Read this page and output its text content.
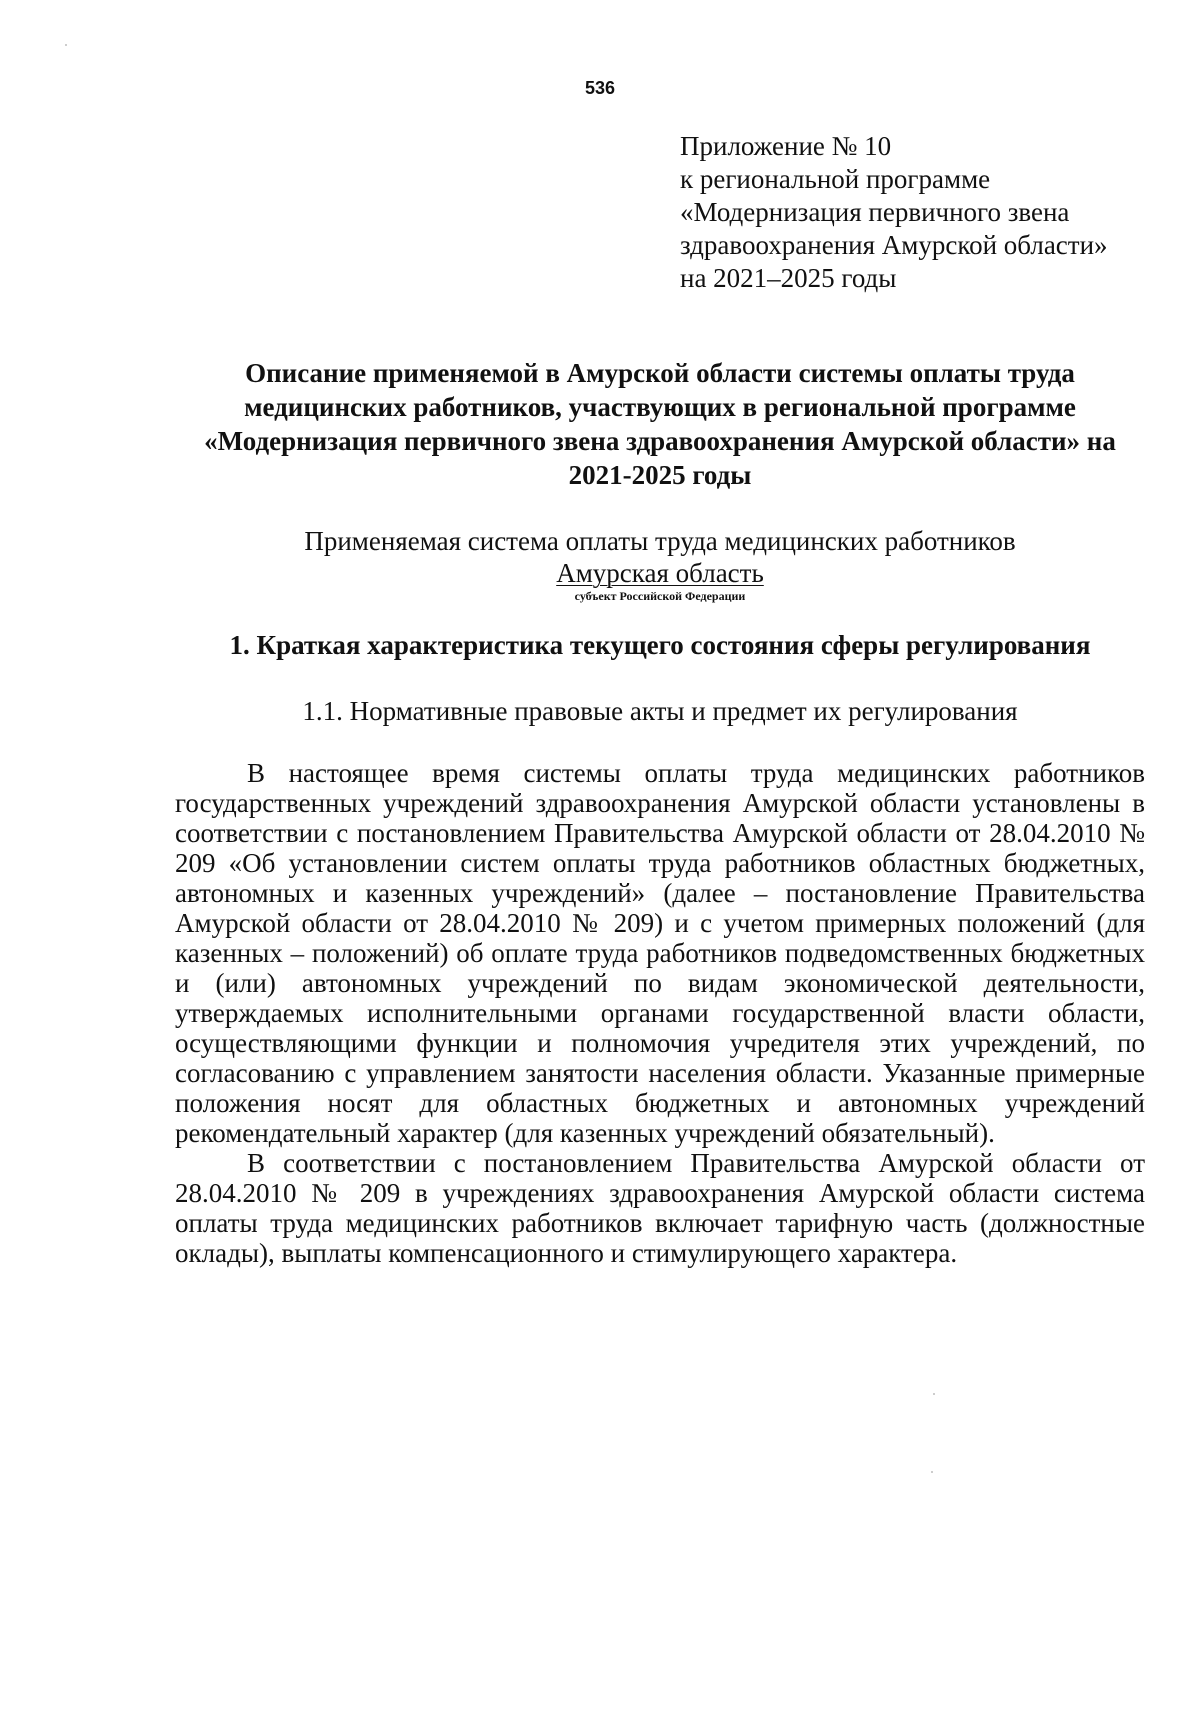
536
Приложение № 10
к региональной программе
«Модернизация первичного звена
здравоохранения Амурской области»
на 2021–2025 годы
Описание применяемой в Амурской области системы оплаты труда
медицинских работников, участвующих в региональной программе
«Модернизация первичного звена здравоохранения Амурской области» на
2021-2025 годы
Применяемая система оплаты труда медицинских работников
Амурская область
субъект Российской Федерации
1. Краткая характеристика текущего состояния сферы регулирования
1.1. Нормативные правовые акты и предмет их регулирования

В настоящее время системы оплаты труда медицинских работников государственных учреждений здравоохранения Амурской области установлены в соответствии с постановлением Правительства Амурской области от 28.04.2010 № 209 «Об установлении систем оплаты труда работников областных бюджетных, автономных и казенных учреждений» (далее – постановление Правительства Амурской области от 28.04.2010 № 209) и с учетом примерных положений (для казенных – положений) об оплате труда работников подведомственных бюджетных и (или) автономных учреждений по видам экономической деятельности, утверждаемых исполнительными органами государственной власти области, осуществляющими функции и полномочия учредителя этих учреждений, по согласованию с управлением занятости населения области. Указанные примерные положения носят для областных бюджетных и автономных учреждений рекомендательный характер (для казенных учреждений обязательный).

В соответствии с постановлением Правительства Амурской области от 28.04.2010 № 209 в учреждениях здравоохранения Амурской области система оплаты труда медицинских работников включает тарифную часть (должностные оклады), выплаты компенсационного и стимулирующего характера.
